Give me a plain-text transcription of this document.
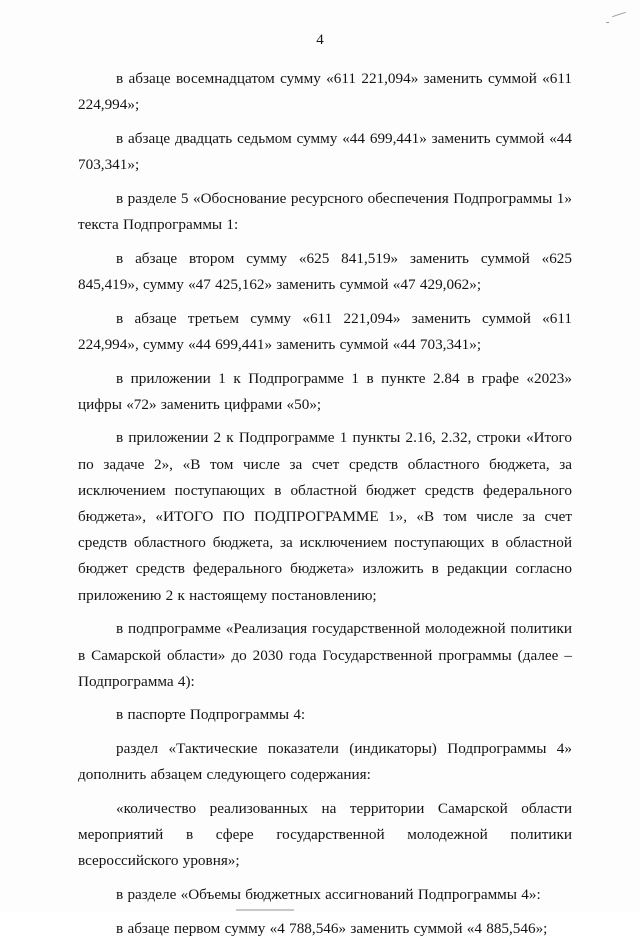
4

в абзаце восемнадцатом сумму «611 221,094» заменить суммой «611 224,994»;

в абзаце двадцать седьмом сумму «44 699,441» заменить суммой «44 703,341»;

в разделе 5 «Обоснование ресурсного обеспечения Подпрограммы 1» текста Подпрограммы 1:

в абзаце втором сумму «625 841,519» заменить суммой «625 845,419», сумму «47 425,162» заменить суммой «47 429,062»;

в абзаце третьем сумму «611 221,094» заменить суммой «611 224,994», сумму «44 699,441» заменить суммой «44 703,341»;

в приложении 1 к Подпрограмме 1 в пункте 2.84 в графе «2023» цифры «72» заменить цифрами «50»;

в приложении 2 к Подпрограмме 1 пункты 2.16, 2.32, строки «Итого по задаче 2», «В том числе за счет средств областного бюджета, за исключением поступающих в областной бюджет средств федерального бюджета», «ИТОГО ПО ПОДПРОГРАММЕ 1», «В том числе за счет средств областного бюджета, за исключением поступающих в областной бюджет средств федерального бюджета» изложить в редакции согласно приложению 2 к настоящему постановлению;

в подпрограмме «Реализация государственной молодежной политики в Самарской области» до 2030 года Государственной программы (далее – Подпрограмма 4):

в паспорте Подпрограммы 4:

раздел «Тактические показатели (индикаторы) Подпрограммы 4» дополнить абзацем следующего содержания:

«количество реализованных на территории Самарской области мероприятий в сфере государственной молодежной политики всероссийского уровня»;

в разделе «Объемы бюджетных ассигнований Подпрограммы 4»:

в абзаце первом сумму «4 788,546» заменить суммой «4 885,546»;
